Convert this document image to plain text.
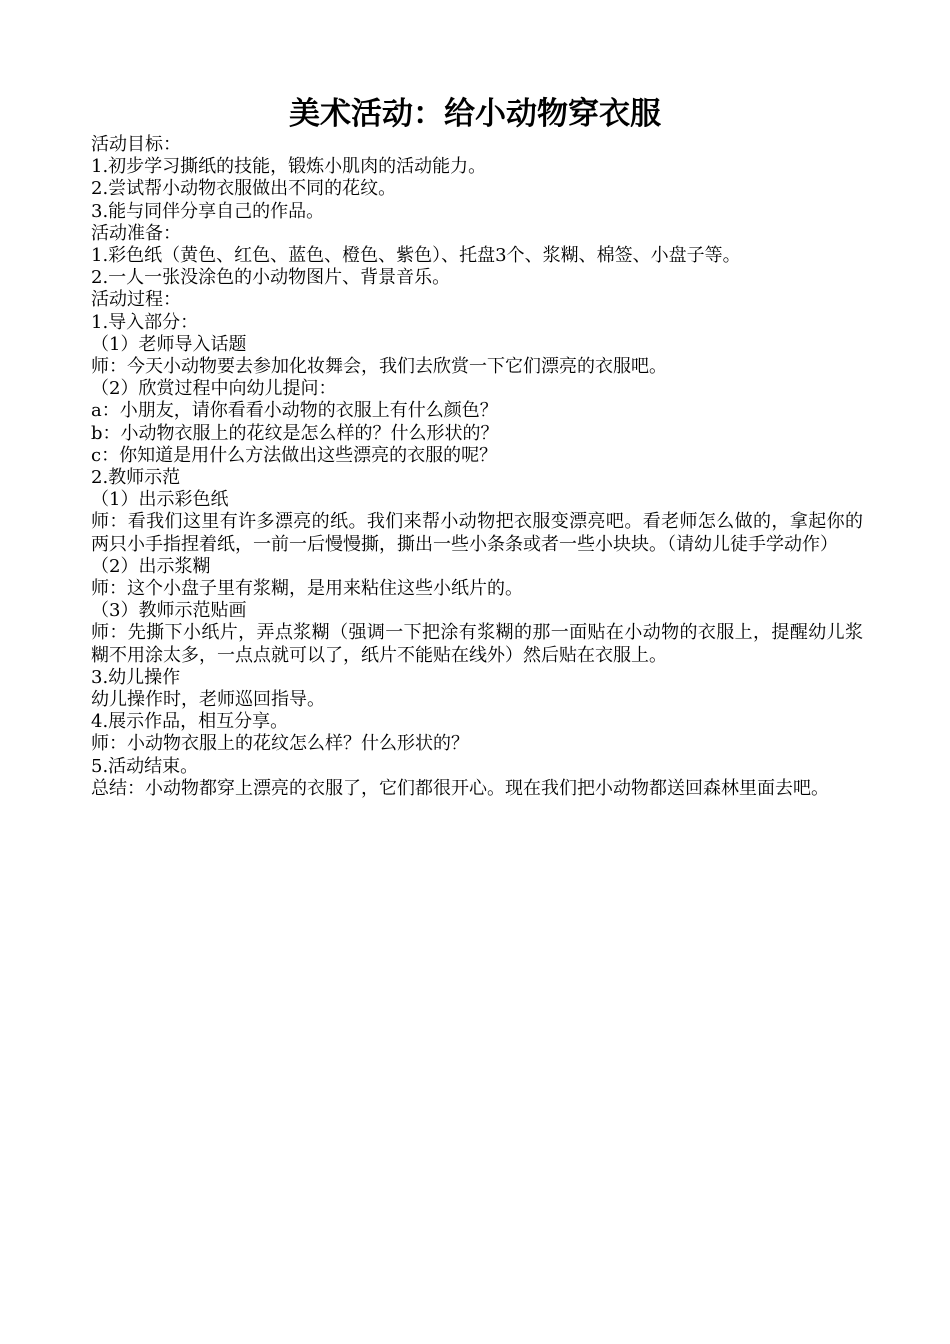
美术活动：给小动物穿衣服

活动目标：

1.初步学习撕纸的技能，锻炼小肌肉的活动能力。

2.尝试帮小动物衣服做出不同的花纹。

3.能与同伴分享自己的作品。

活动准备：

1.彩色纸（黄色、红色、蓝色、橙色、紫色）、托盘3个、浆糊、棉签、小盘子等。

2.一人一张没涂色的小动物图片、背景音乐。

活动过程：

1.导入部分：

（1）老师导入话题

师：今天小动物要去参加化妆舞会，我们去欣赏一下它们漂亮的衣服吧。

（2）欣赏过程中向幼儿提问：

a：小朋友，请你看看小动物的衣服上有什么颜色？

b：小动物衣服上的花纹是怎么样的？什么形状的？

c：你知道是用什么方法做出这些漂亮的衣服的呢？

2.教师示范

（1）出示彩色纸

师：看我们这里有许多漂亮的纸。我们来帮小动物把衣服变漂亮吧。看老师怎么做的，拿起你的两只小手指捏着纸，一前一后慢慢撕，撕出一些小条条或者一些小块块。（请幼儿徒手学动作）

（2）出示浆糊

师：这个小盘子里有浆糊，是用来粘住这些小纸片的。

（3）教师示范贴画

师：先撕下小纸片，弄点浆糊（强调一下把涂有浆糊的那一面贴在小动物的衣服上，提醒幼儿浆糊不用涂太多，一点点就可以了，纸片不能贴在线外）然后贴在衣服上。

3.幼儿操作

幼儿操作时，老师巡回指导。

4.展示作品，相互分享。

师：小动物衣服上的花纹怎么样？什么形状的？

5.活动结束。

总结：小动物都穿上漂亮的衣服了，它们都很开心。现在我们把小动物都送回森林里面去吧。
